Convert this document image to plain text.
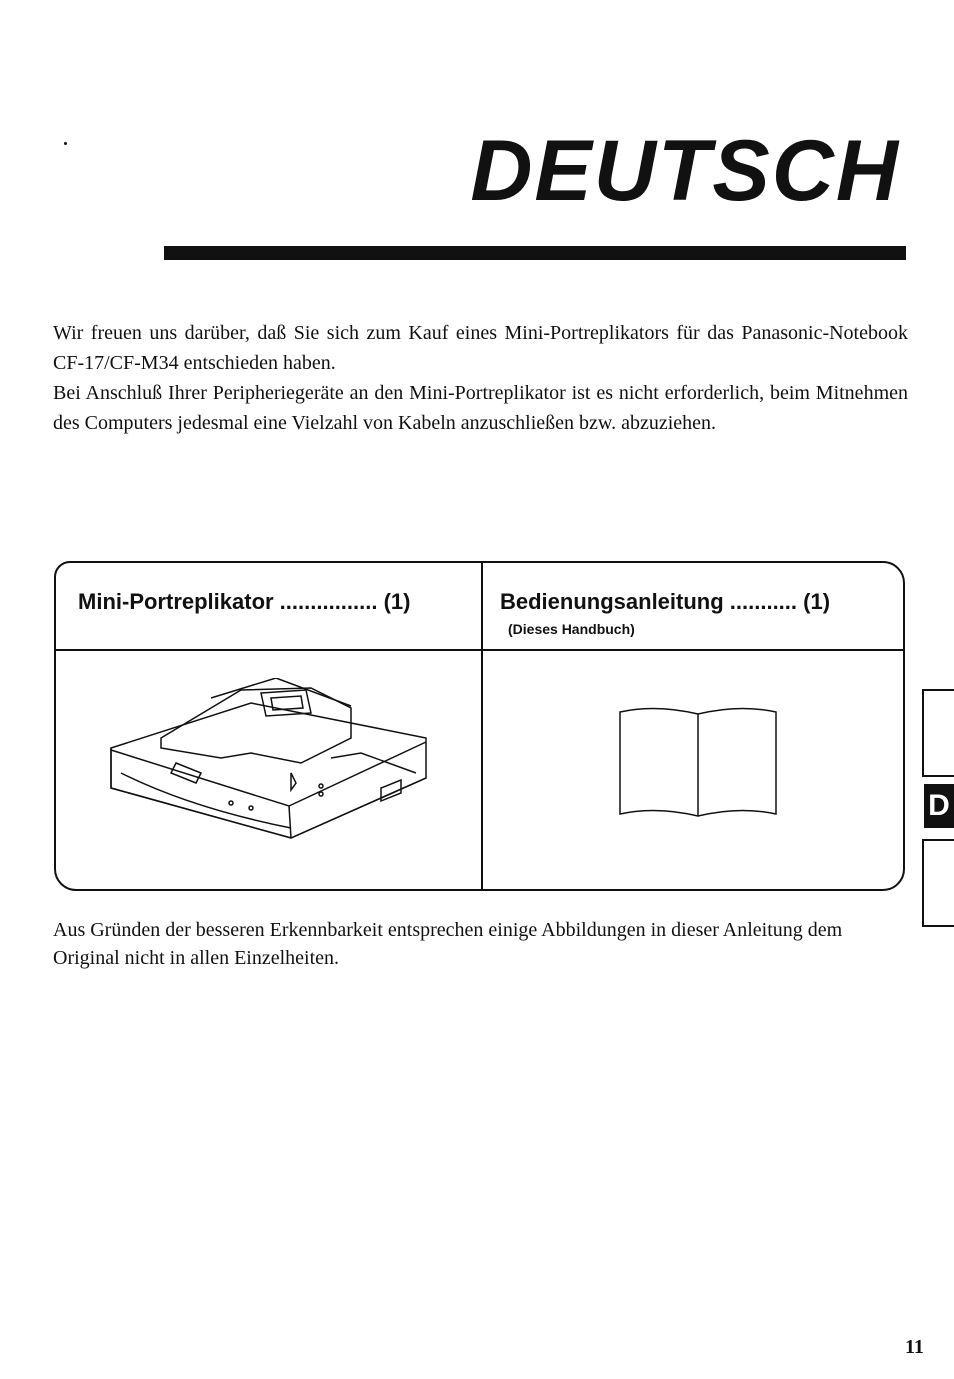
DEUTSCH

Wir freuen uns darüber, daß Sie sich zum Kauf eines Mini-Portreplikators für das Panasonic-Notebook CF-17/CF-M34 entschieden haben.

Bei Anschluß Ihrer Peripheriegeräte an den Mini-Portreplikator ist es nicht erforderlich, beim Mitnehmen des Computers jedesmal eine Vielzahl von Kabeln anzuschließen bzw. abzuziehen.

Mini-Portreplikator ................ (1)	Bedienungsanleitung ........... (1)
(Dieses Handbuch)

Aus Gründen der besseren Erkennbarkeit entsprechen einige Abbildungen in dieser Anleitung dem Original nicht in allen Einzelheiten.

D
11
